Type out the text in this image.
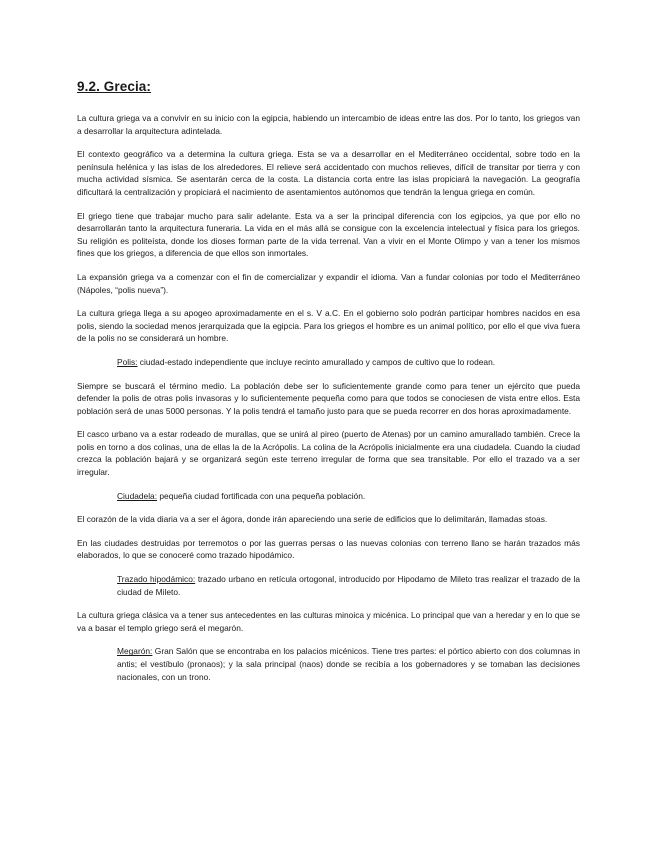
9.2. Grecia:

La cultura griega va a convivir en su inicio con la egipcia, habiendo un intercambio de ideas entre las dos. Por lo tanto, los griegos van a desarrollar la arquitectura adintelada.

El contexto geográfico va a determina la cultura griega. Esta se va a desarrollar en el Mediterráneo occidental, sobre todo en la península helénica y las islas de los alrededores. El relieve será accidentado con muchos relieves, difícil de transitar por tierra y con mucha actividad sísmica. Se asentarán cerca de la costa. La distancia corta entre las islas propiciará la navegación. La geografía dificultará la centralización y propiciará el nacimiento de asentamientos autónomos que tendrán la lengua griega en común.

El griego tiene que trabajar mucho para salir adelante. Esta va a ser la principal diferencia con los egipcios, ya que por ello no desarrollarán tanto la arquitectura funeraria. La vida en el más allá se consigue con la excelencia intelectual y física para los griegos. Su religión es politeísta, donde los dioses forman parte de la vida terrenal. Van a vivir en el Monte Olimpo y van a tener los mismos fines que los griegos, a diferencia de que ellos son inmortales.

La expansión griega va a comenzar con el fin de comercializar y expandir el idioma. Van a fundar colonias por todo el Mediterráneo (Nápoles, “polis nueva”).

La cultura griega llega a su apogeo aproximadamente en el s. V a.C. En el gobierno solo podrán participar hombres nacidos en esa polis, siendo la sociedad menos jerarquizada que la egipcia. Para los griegos el hombre es un animal político, por ello el que viva fuera de la polis no se considerará un hombre.

Polis: ciudad-estado independiente que incluye recinto amurallado y campos de cultivo que lo rodean.

Siempre se buscará el término medio. La población debe ser lo suficientemente grande como para tener un ejército que pueda defender la polis de otras polis invasoras y lo suficientemente pequeña como para que todos se conociesen de vista entre ellos. Esta población será de unas 5000 personas. Y la polis tendrá el tamaño justo para que se pueda recorrer en dos horas aproximadamente.

El casco urbano va a estar rodeado de murallas, que se unirá al pireo (puerto de Atenas) por un camino amurallado también. Crece la polis en torno a dos colinas, una de ellas la de la Acrópolis. La colina de la Acrópolis inicialmente era una ciudadela. Cuando la ciudad crezca la población bajará y se organizará según este terreno irregular de forma que sea transitable. Por ello el trazado va a ser irregular.

Ciudadela: pequeña ciudad fortificada con una pequeña población.

El corazón de la vida diaria va a ser el ágora, donde irán apareciendo una serie de edificios que lo delimitarán, llamadas stoas.

En las ciudades destruidas por terremotos o por las guerras persas o las nuevas colonias con terreno llano se harán trazados más elaborados, lo que se conoceré como trazado hipodámico.

Trazado hipodámico: trazado urbano en retícula ortogonal, introducido por Hipodamo de Mileto tras realizar el trazado de la ciudad de Mileto.

La cultura griega clásica va a tener sus antecedentes en las culturas minoica y micénica. Lo principal que van a heredar y en lo que se va a basar el templo griego será el megarón.

Megarón: Gran Salón que se encontraba en los palacios micénicos. Tiene tres partes: el pórtico abierto con dos columnas in antis; el vestíbulo (pronaos); y la sala principal (naos) donde se recibía a los gobernadores y se tomaban las decisiones nacionales, con un trono.
